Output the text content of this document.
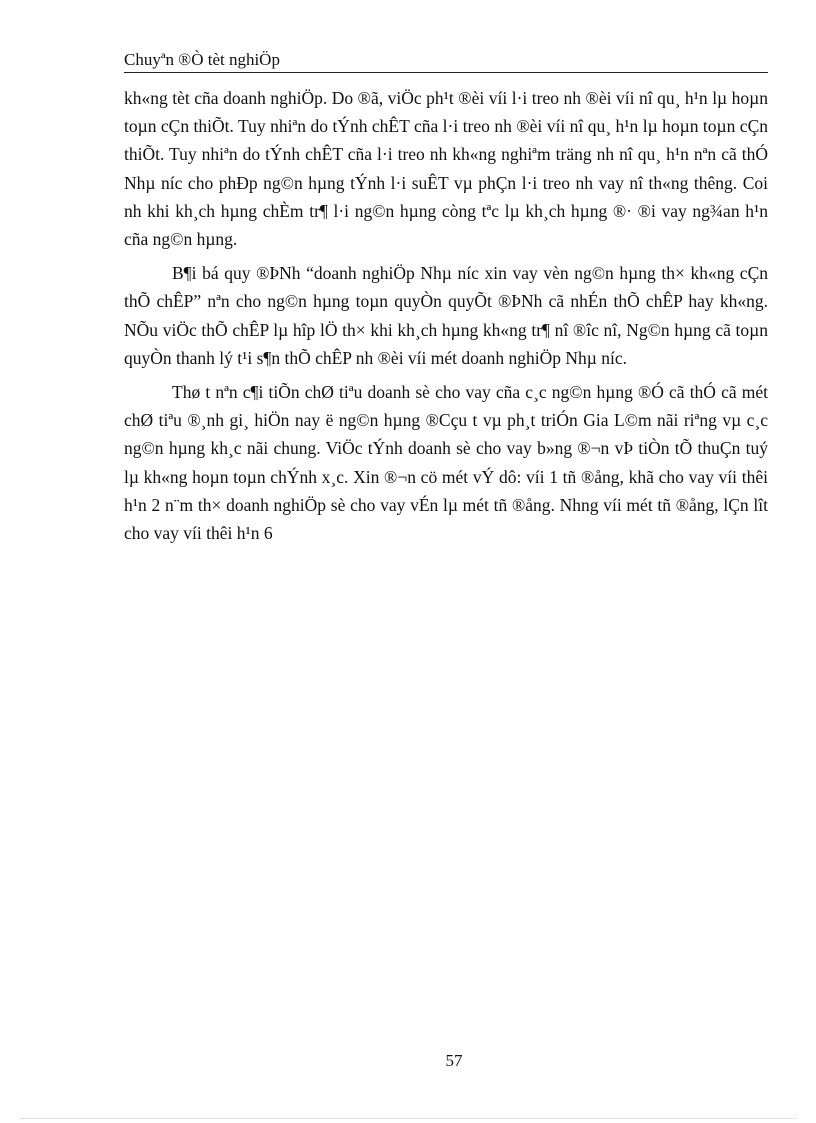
Chuyªn ®Ò tèt nghiÖp

kh«ng tèt cña doanh nghiÖp. Do ®ã, viÖc ph¹t ®èi víi l·i treo nh ®èi víi nî qu¸ h¹n lµ hoµn toµn cÇn thiÕt. Tuy nhiªn do tÝnh chÊT cña l·i treo nh ®èi víi nî qu¸ h¹n lµ hoµn toµn cÇn thiÕt. Tuy nhiªn do tÝnh chÊT cña l·i treo nh kh«ng nghiªm träng nh nî qu¸ h¹n nªn cã thÓ Nhµ níc cho phÐp ng©n hµng tÝnh l·i suÊT vµ phÇn l·i treo nh vay nî th«ng thêng. Coi nh khi kh¸ch hµng chÈm tr¶ l·i ng©n hµng còng tªc lµ kh¸ch hµng ®· ®i vay ng¾an h¹n cña ng©n hµng.

B¶i bá quy ®ÞNh “doanh nghiÖp Nhµ níc xin vay vèn ng©n hµng th× kh«ng cÇn thÕ chÊP” nªn cho ng©n hµng toµn quyÒn quyÕt ®ÞNh cã nhÉn thÕ chÊP hay kh«ng. NÕu viÖc thÕ chÊP lµ hîp lÖ th× khi kh¸ch hµng kh«ng tr¶ nî ®îc nî, Ng©n hµng cã toµn quyÒn thanh lý t¹i s¶n thÕ chÊP nh ®èi víi mét doanh nghiÖp Nhµ níc.

Thø t nªn c¶i tiÕn chØ tiªu doanh sè cho vay cña c¸c ng©n hµng ®Ó cã thÓ cã mét chØ tiªu ®¸nh gi¸ hiÖn nay ë ng©n hµng ®Cçu t vµ ph¸t triÓn Gia L©m nãi riªng vµ c¸c ng©n hµng kh¸c nãi chung. ViÖc tÝnh doanh sè cho vay b»ng ®¬n vÞ tiÒn tÕ thuÇn tuý lµ kh«ng hoµn toµn chÝnh x¸c. Xin ®¬n cö mét vÝ dô: víi 1 tñ ®ång, khã cho vay víi thêi h¹n 2 n¨m th× doanh nghiÖp sè cho vay vÉn lµ mét tñ ®ång. Nhng víi mét tñ ®ång, lÇn lît cho vay víi thêi h¹n 6

57
